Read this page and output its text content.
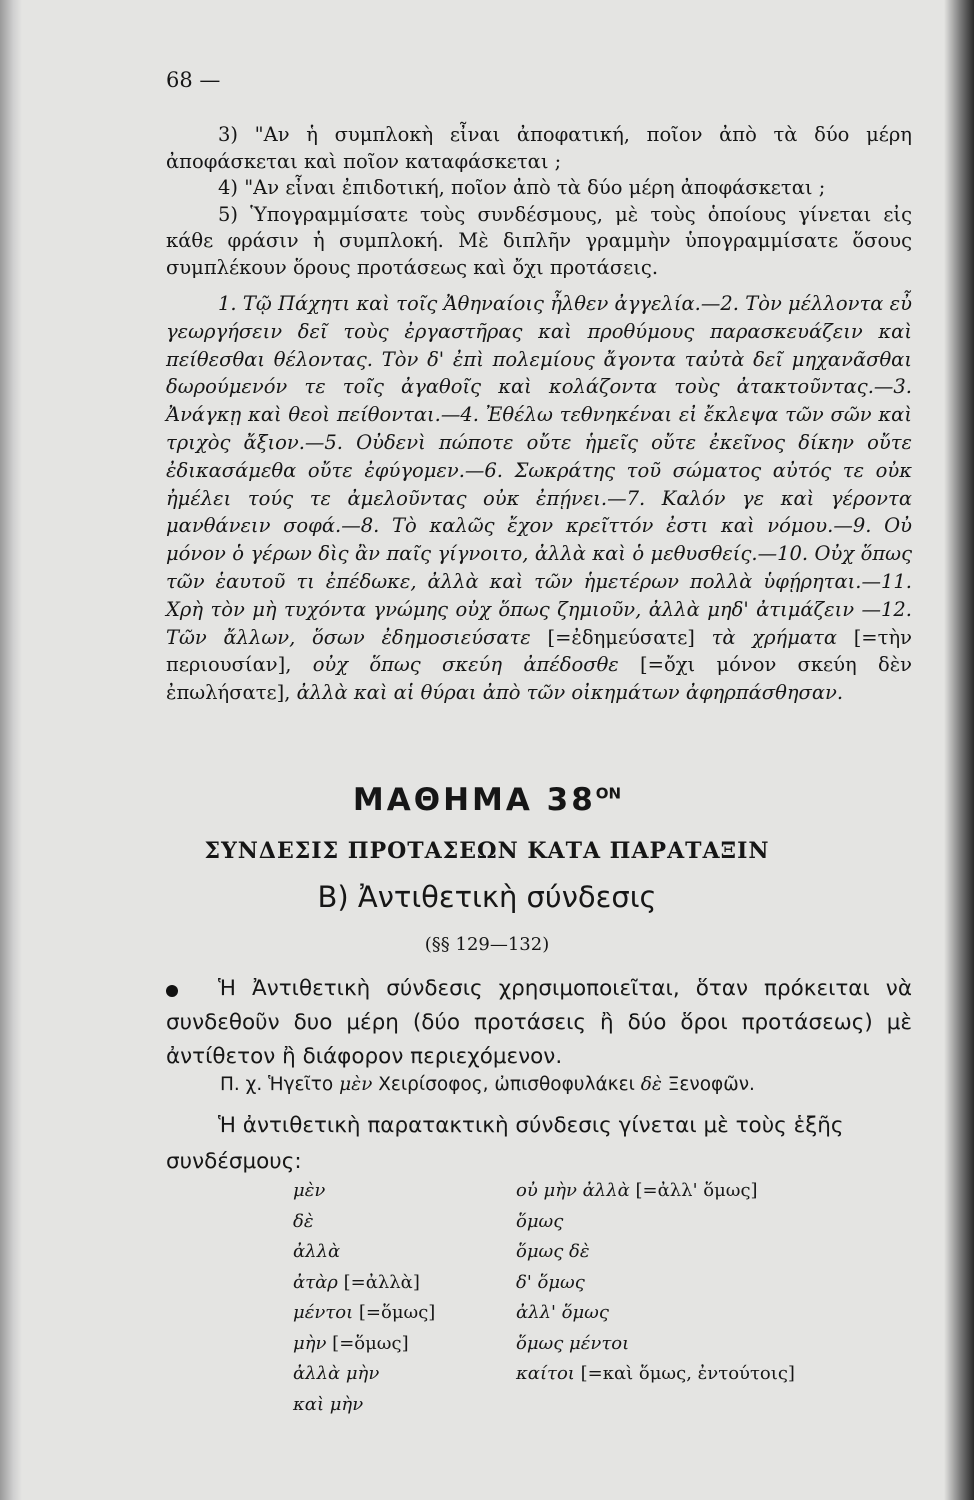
68 —

3) "Αν ἡ συμπλοκὴ εἶναι ἀποφατική, ποῖον ἀπὸ τὰ δύο μέρη ἀποφάσκεται καὶ ποῖον καταφάσκεται ;

4) "Αν εἶναι ἐπιδοτική, ποῖον ἀπὸ τὰ δύο μέρη ἀποφάσκεται ;

5) Ὑπογραμμίσατε τοὺς συνδέσμους, μὲ τοὺς ὁποίους γίνεται εἰς κάθε φράσιν ἡ συμπλοκή. Μὲ διπλῆν γραμμὴν ὑπογραμμίσατε ὅσους συμπλέκουν ὅρους προτάσεως καὶ ὄχι προτάσεις.

1. Τῷ Πάχητι καὶ τοῖς Ἀθηναίοις ἦλθεν ἀγγελία.—2. Τὸν μέλλοντα εὖ γεωργήσειν δεῖ τοὺς ἐργαστῆρας καὶ προθύμους παρασκευάζειν καὶ πείθεσθαι θέλοντας. Τὸν δ' ἐπὶ πολεμίους ἄγοντα ταὐτὰ δεῖ μηχανᾶσθαι δωρούμενόν τε τοῖς ἀγαθοῖς καὶ κολάζοντα τοὺς ἀτακτοῦντας.—3. Ἀνάγκῃ καὶ θεοὶ πείθονται.—4. Ἐθέλω τεθνηκέναι εἰ ἔκλεψα τῶν σῶν καὶ τριχὸς ἄξιον.—5. Οὐδενὶ πώποτε οὔτε ἡμεῖς οὔτε ἐκεῖνος δίκην οὔτε ἐδικασάμεθα οὔτε ἐφύγομεν.—6. Σωκράτης τοῦ σώματος αὐτός τε οὐκ ἠμέλει τούς τε ἀμελοῦντας οὐκ ἐπῄνει.—7. Καλόν γε καὶ γέροντα μανθάνειν σοφά.—8. Τὸ καλῶς ἔχον κρεῖττόν ἐστι καὶ νόμου.—9. Οὐ μόνον ὁ γέρων δὶς ἂν παῖς γίγνοιτο, ἀλλὰ καὶ ὁ μεθυσθείς.—10. Οὐχ ὅπως τῶν ἑαυτοῦ τι ἐπέδωκε, ἀλλὰ καὶ τῶν ἡμετέρων πολλὰ ὑφῄρηται.—11. Χρὴ τὸν μὴ τυχόντα γνώμης οὐχ ὅπως ζημιοῦν, ἀλλὰ μηδ' ἀτιμάζειν —12. Τῶν ἄλλων, ὅσων ἐδημοσιεύσατε [=ἐδημεύσατε] τὰ χρήματα [=τὴν περιουσίαν], οὐχ ὅπως σκεύη ἀπέδοσθε [=ὄχι μόνον σκεύη δὲν ἐπωλήσατε], ἀλλὰ καὶ αἱ θύραι ἀπὸ τῶν οἰκημάτων ἀφηρπάσθησαν.

ΜΑΘΗΜΑ $38^{ON}$
ΣΥΝΔΕΣΙΣ ΠΡΟΤΑΣΕΩΝ ΚΑΤΑ ΠΑΡΑΤΑΞΙΝ
Β) Ἀντιθετικὴ σύνδεσις
(§§ 129—132)

Ἡ Ἀντιθετικὴ σύνδεσις χρησιμοποιεῖται, ὅταν πρόκειται νὰ συνδεθοῦν δυο μέρη (δύο προτάσεις ἢ δύο ὅροι προτάσεως) μὲ ἀντίθετον ἢ διάφορον περιεχόμενον.

Π. χ. Ἡγεῖτο μὲν Χειρίσοφος, ὠπισθοφυλάκει δὲ Ξενοφῶν.

Ἡ ἀντιθετικὴ παρατακτικὴ σύνδεσις γίνεται μὲ τοὺς ἑξῆς συνδέσμους:

μὲν
δὲ
ἀλλὰ
ἀτὰρ [=ἀλλὰ]
μέντοι [=ὅμως]
μὴν [=ὅμως]
ἀλλὰ μὴν
καὶ μὴν
οὐ μὴν ἀλλὰ [=ἀλλ' ὅμως]
ὅμως
ὅμως δὲ
δ' ὅμως
ἀλλ' ὅμως
ὅμως μέντοι
καίτοι [=καὶ ὅμως, ἐντούτοις]
